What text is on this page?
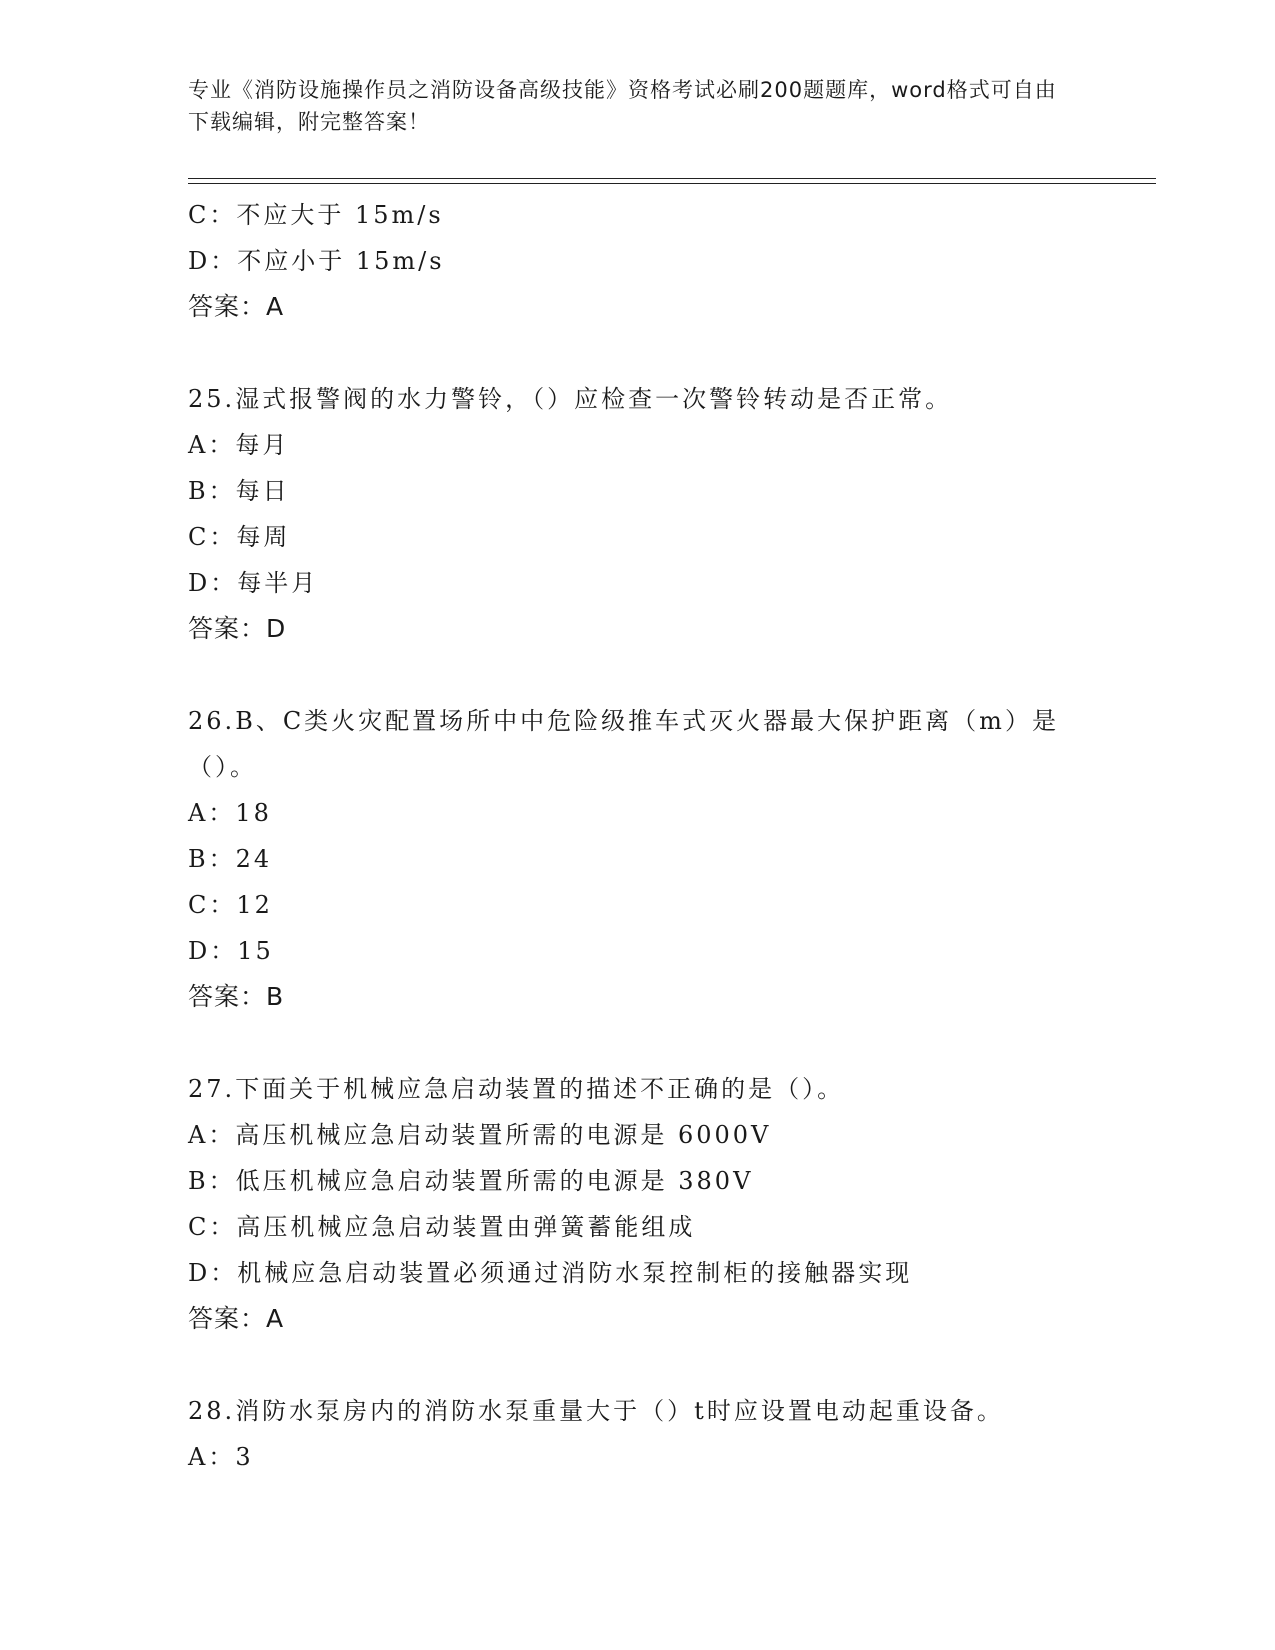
专业《消防设施操作员之消防设备高级技能》资格考试必刷200题题库，word格式可自由下载编辑，附完整答案！
C：不应大于 15m/s
D：不应小于 15m/s
答案：A
25.湿式报警阀的水力警铃，（）应检查一次警铃转动是否正常。
A：每月
B：每日
C：每周
D：每半月
答案：D
26.B、C类火灾配置场所中中危险级推车式灭火器最大保护距离（m）是（）。
A：18
B：24
C：12
D：15
答案：B
27.下面关于机械应急启动装置的描述不正确的是（）。
A：高压机械应急启动装置所需的电源是 6000V
B：低压机械应急启动装置所需的电源是 380V
C：高压机械应急启动装置由弹簧蓄能组成
D：机械应急启动装置必须通过消防水泵控制柜的接触器实现
答案：A
28.消防水泵房内的消防水泵重量大于（）t时应设置电动起重设备。
A：3
